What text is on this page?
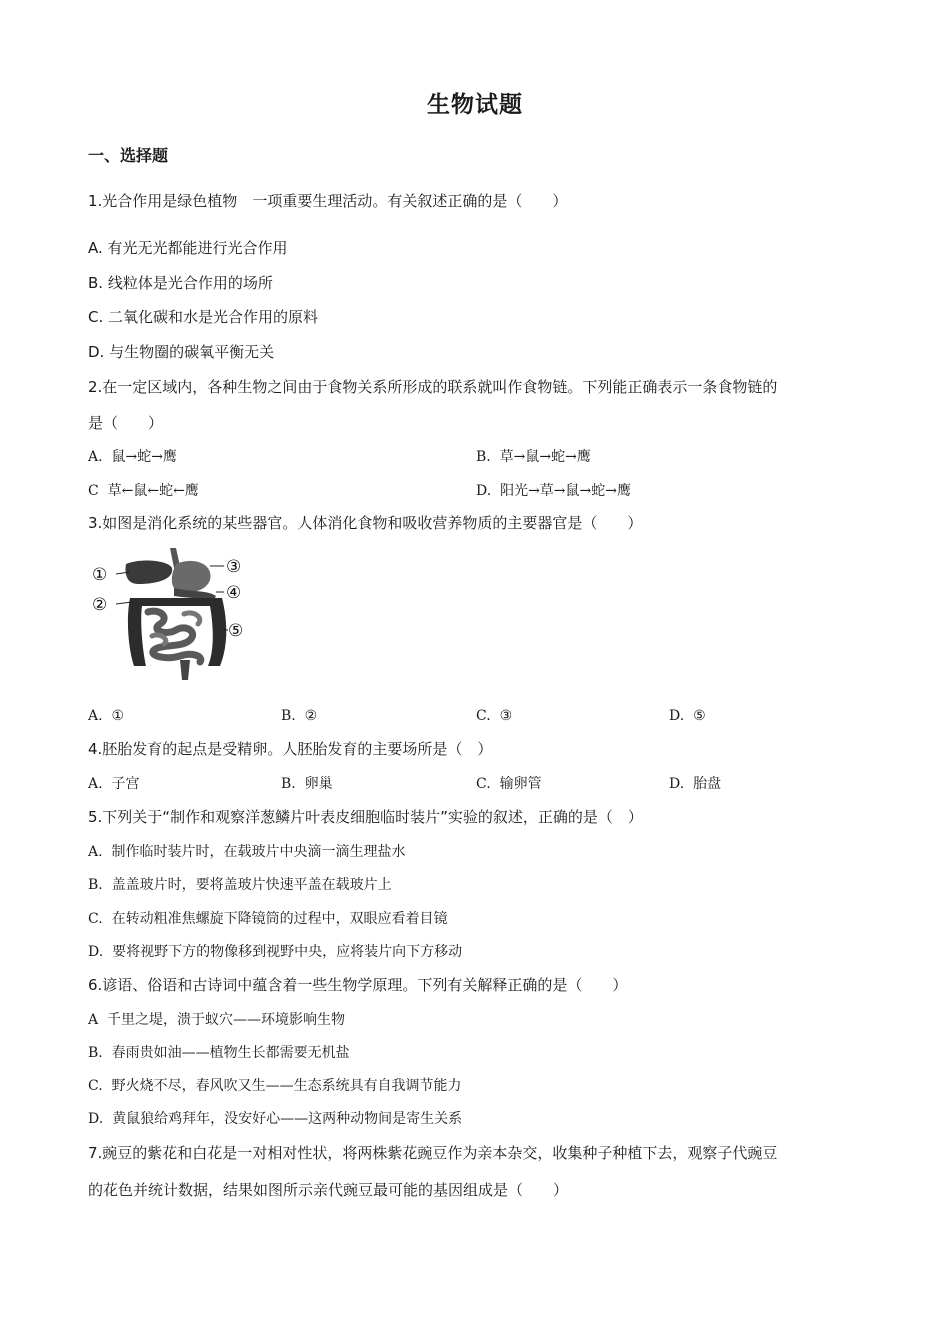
生物试题
一、选择题
1.光合作用是绿色植物　一项重要生理活动。有关叙述正确的是（　　）
A. 有光无光都能进行光合作用
B. 线粒体是光合作用的场所
C. 二氧化碳和水是光合作用的原料
D. 与生物圈的碳氧平衡无关
2.在一定区域内，各种生物之间由于食物关系所形成的联系就叫作食物链。下列能正确表示一条食物链的
是（　　）
A.  鼠→蛇→鹰	B.  草→鼠→蛇→鹰
C  草←鼠←蛇←鹰	D.  阳光→草→鼠→蛇→鹰
3.如图是消化系统的某些器官。人体消化食物和吸收营养物质的主要器官是（　　）
①
②
③
④
⑤
A.  ①	B.  ②	C.  ③	D.  ⑤
4.胚胎发育的起点是受精卵。人胚胎发育的主要场所是（　）
A.  子宫	B.  卵巢	C.  输卵管	D.  胎盘
5.下列关于“制作和观察洋葱鳞片叶表皮细胞临时装片”实验的叙述，正确的是（　）
A.  制作临时装片时，在载玻片中央滴一滴生理盐水
B.  盖盖玻片时，要将盖玻片快速平盖在载玻片上
C.  在转动粗准焦螺旋下降镜筒的过程中，双眼应看着目镜
D.  要将视野下方的物像移到视野中央，应将装片向下方移动
6.谚语、俗语和古诗词中蕴含着一些生物学原理。下列有关解释正确的是（　　）
A  千里之堤，溃于蚁穴——环境影响生物
B.  春雨贵如油——植物生长都需要无机盐
C.  野火烧不尽，春风吹又生——生态系统具有自我调节能力
D.  黄鼠狼给鸡拜年，没安好心——这两种动物间是寄生关系
7.豌豆的紫花和白花是一对相对性状，将两株紫花豌豆作为亲本杂交，收集种子种植下去，观察子代豌豆
的花色并统计数据，结果如图所示亲代豌豆最可能的基因组成是（　　）
